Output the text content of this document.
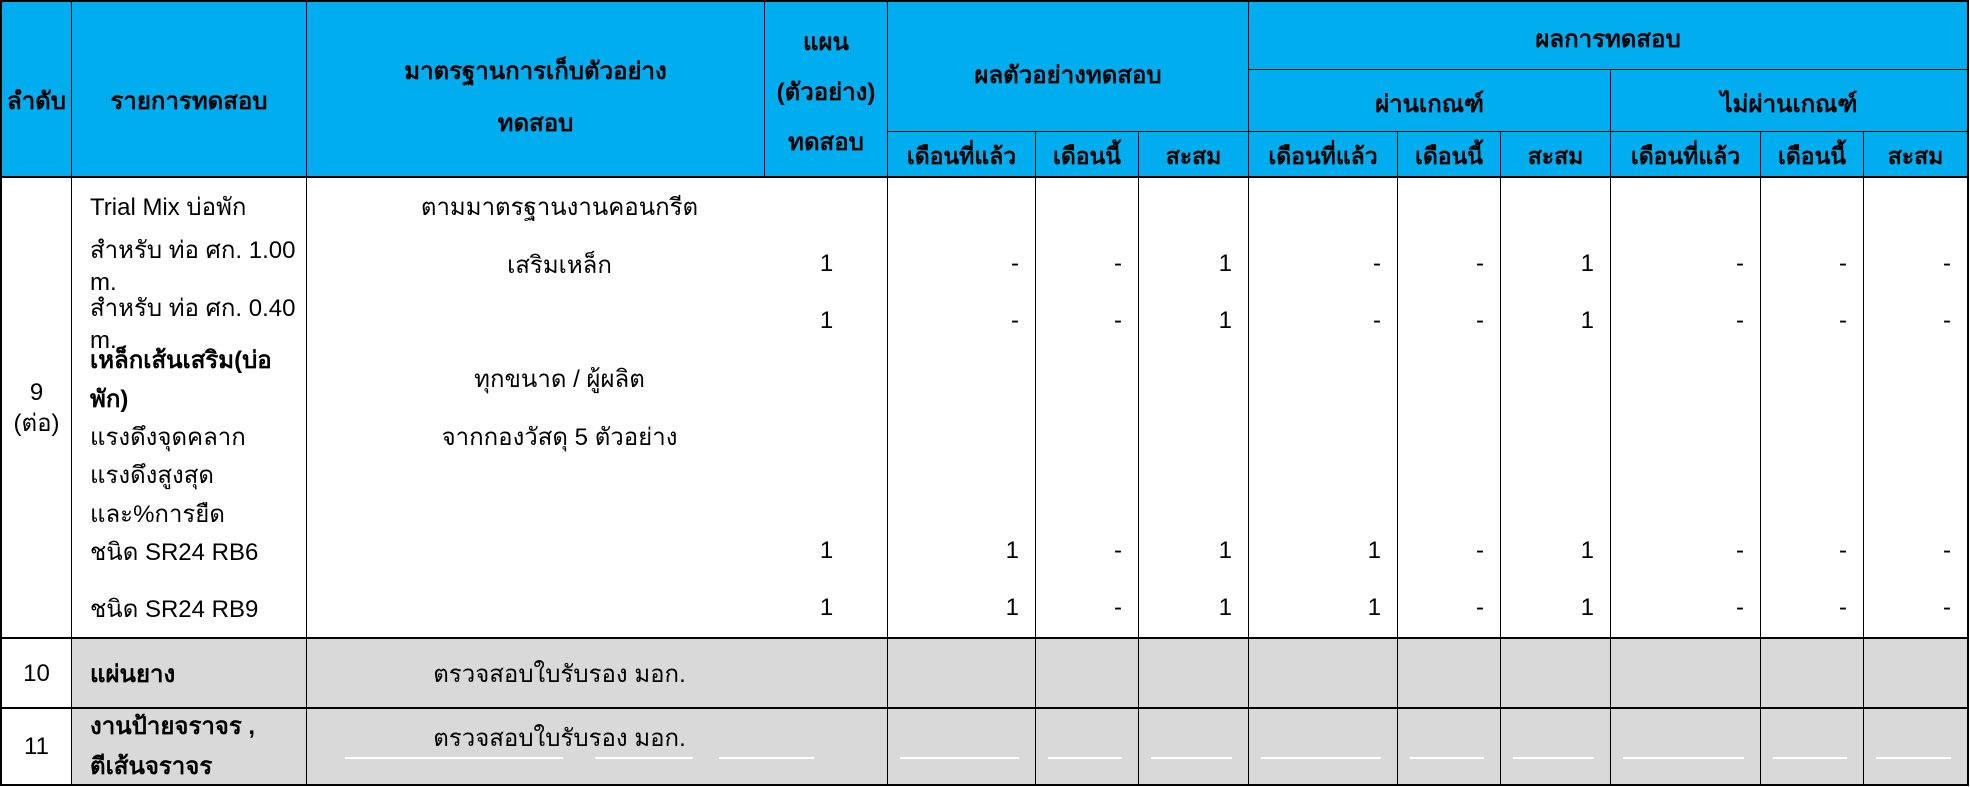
ลำดับ รายการทดสอบ
มาตรฐานการเก็บตัวอย่าง
ทดสอบ
แผน
(ตัวอย่าง)
ทดสอบ
ผลตัวอย่างทดสอบ
ผลการทดสอบ
ผ่านเกณฑ์	ไม่ผ่านเกณฑ์
เดือนที่แล้ว เดือนนี้ สะสม เดือนที่แล้ว เดือนนี้ สะสม เดือนที่แล้ว เดือนนี้ สะสม
9
(ต่อ)
Trial Mix บ่อพัก
สำหรับ ท่อ ศก. 1.00 m.
สำหรับ ท่อ ศก. 0.40 m.
เหล็กเส้นเสริม(บ่อพัก)
แรงดึงจุดคลาก
แรงดึงสูงสุดและ%การยืด
ชนิด SR24 RB6
ชนิด SR24 RB9
ตามมาตรฐานงานคอนกรีต
เสริมเหล็ก
ทุกขนาด / ผู้ผลิต
จากกองวัสดุ 5 ตัวอย่าง
1
1
1
1
-
-
1
1
-
-
-
-
1
1
1
1
-
-
1
1
-
-
-
-
1
1
1
1
-
-
-
-
-
-
-
-
-
-
-
-
10 แผ่นยาง	ตรวจสอบใบรับรอง มอก.
11
งานป้ายจราจร ,
ตีเส้นจราจร
ตรวจสอบใบรับรอง มอก.
